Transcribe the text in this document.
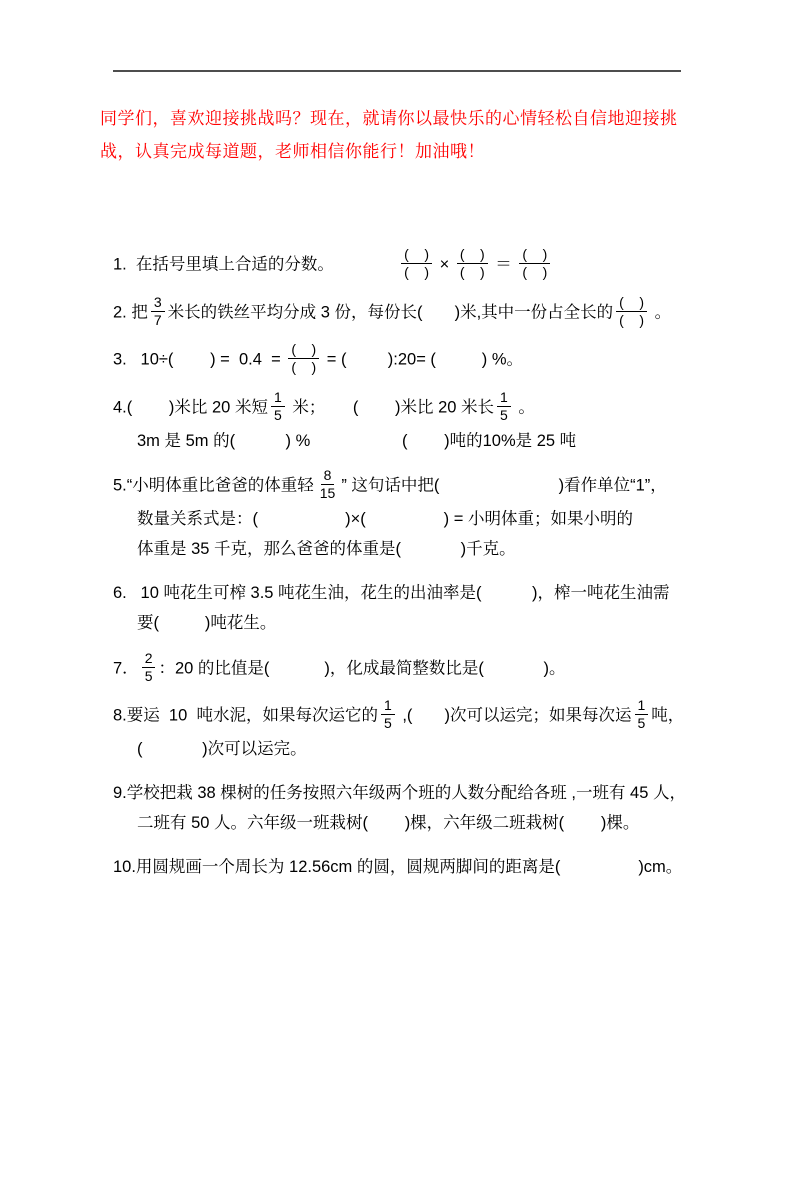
同学们，喜欢迎接挑战吗？现在，就请你以最快乐的心情轻松自信地迎接挑战，认真完成每道题，老师相信你能行！加油哦！
1.  在括号里填上合适的分数。	$\frac{( )}{( )} \times \frac{( )}{( )} = \frac{( )}{( )}$
2. 把 $\frac{3}{7}$ 米长的铁丝平均分成 3 份，每份长(       )米,其中一份占全长的 $\frac{( )}{( )}$ 。
3.   10÷(        ) =  $0.4 = \frac{( )}{( )}$ = (         ):20= (          ) %。
4.(        )米比 20 米短 $\frac{1}{5}$ 米；      (        )米比 20 米长 $\frac{1}{5}$ 。
3m 是 5m 的(           ) %	(        )吨的10%是 25 吨
5.“小明体重比爸爸的体重轻 $\frac{8}{15}$ ” 这句话中把(                          )看作单位“1”，
数量关系式是：(                   )×(                 ) = 小明体重；如果小明的
体重是 35 千克，那么爸爸的体重是(             )千克。
6.   10 吨花生可榨 3.5 吨花生油，花生的出油率是(           )，榨一吨花生油需
要(          )吨花生。
7． $\frac{2}{5}$ ：20 的比值是(            )，化成最简整数比是(             )。
8.要运  10  吨水泥，如果每次运它的 $\frac{1}{5}$ ,(       )次可以运完；如果每次运 $\frac{1}{5}$ 吨，
(             )次可以运完。
9.学校把栽 38 棵树的任务按照六年级两个班的人数分配给各班 ,一班有 45 人，
二班有 50 人。六年级一班栽树(        )棵，六年级二班栽树(        )棵。
10.用圆规画一个周长为 12.56cm 的圆，圆规两脚间的距离是(                 )cm。
